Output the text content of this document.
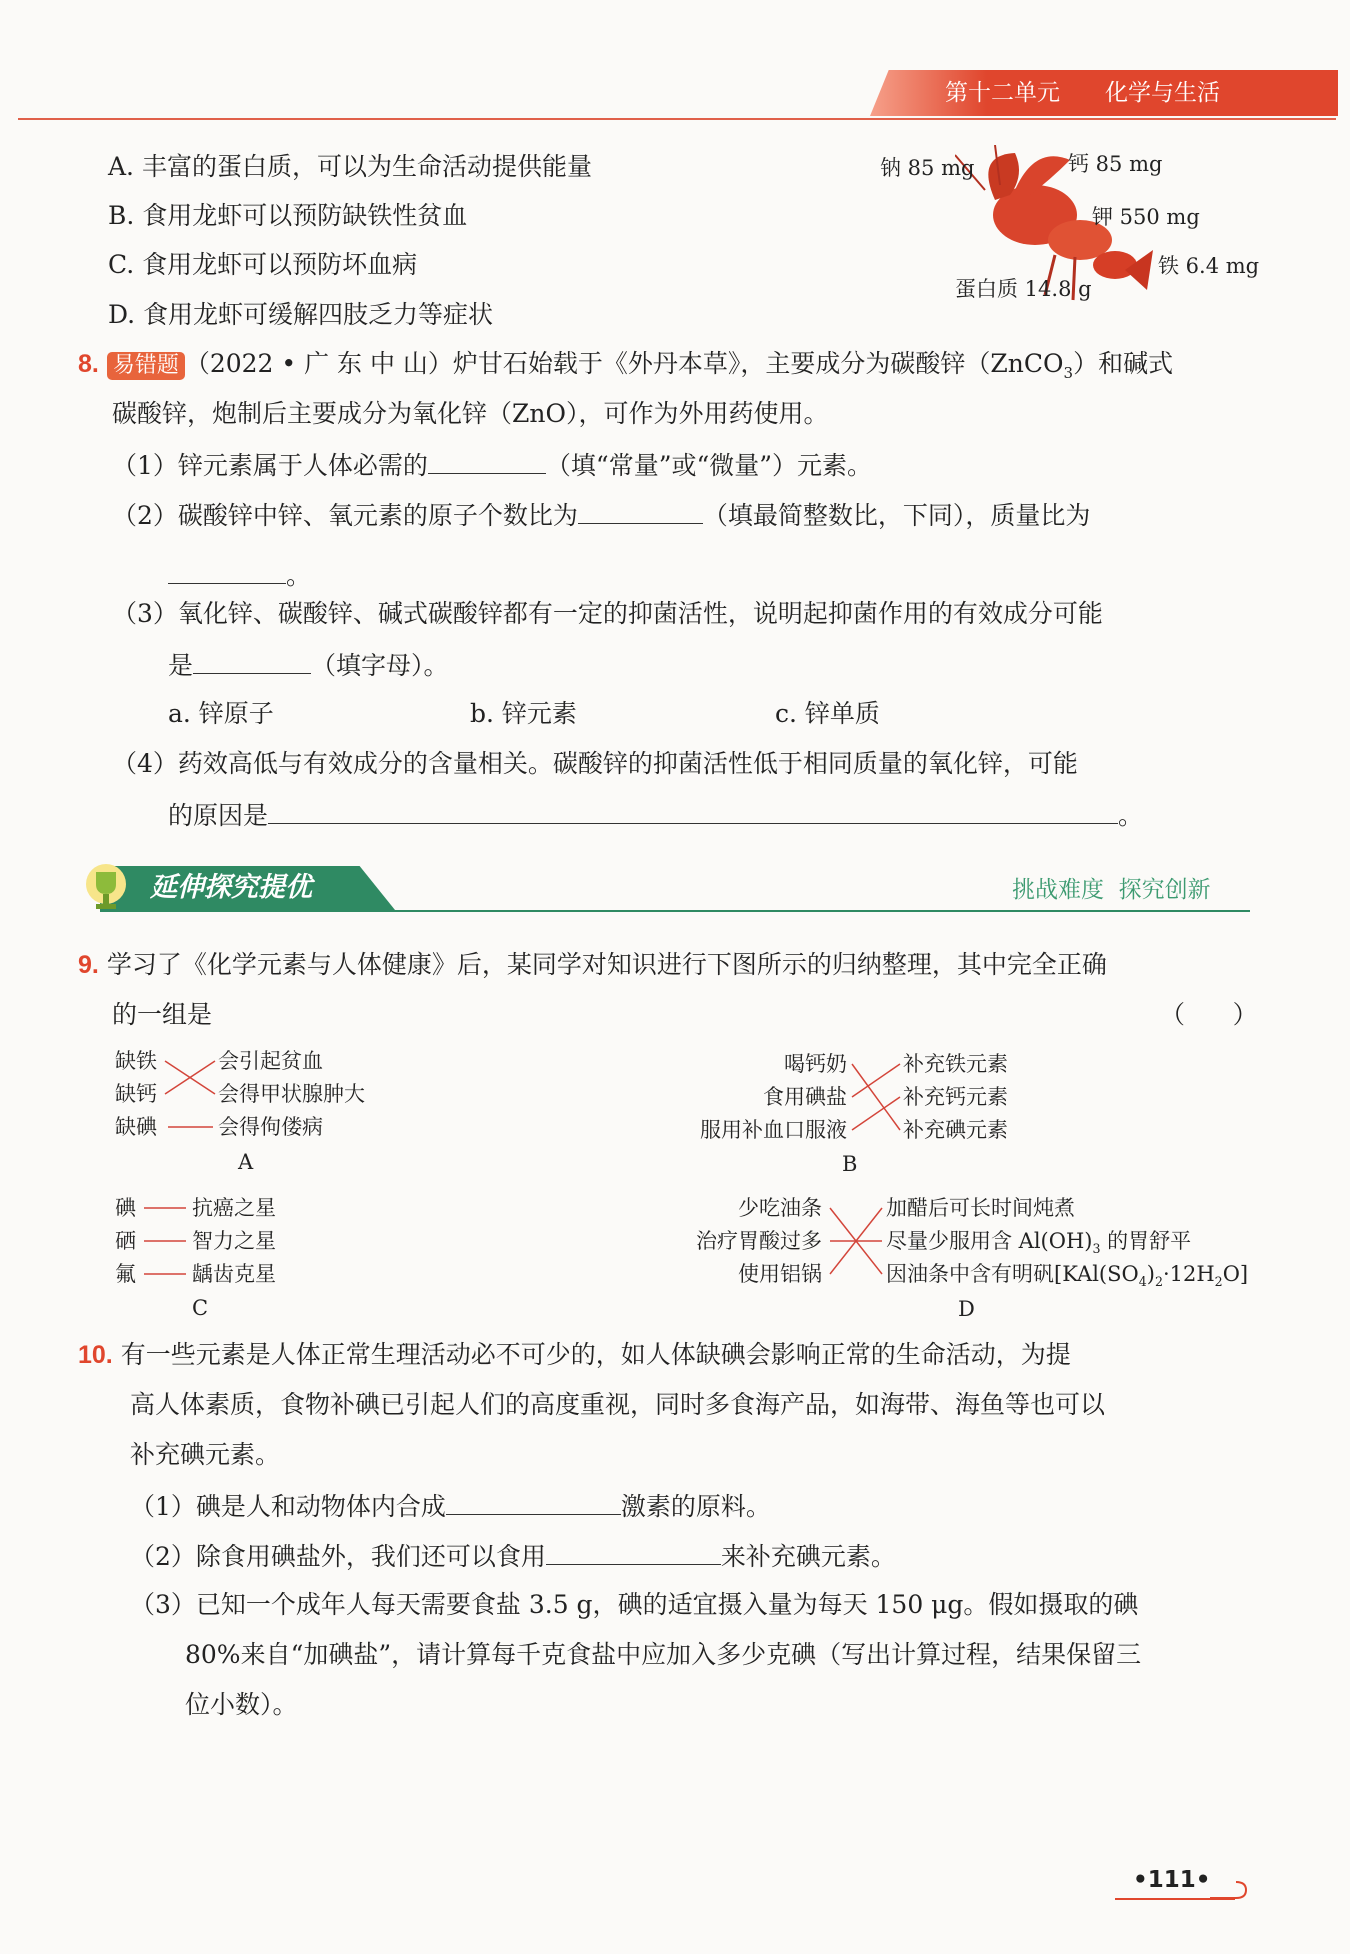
第十二单元 化学与生活
A. 丰富的蛋白质，可以为生命活动提供能量
B. 食用龙虾可以预防缺铁性贫血
C. 食用龙虾可以预防坏血病
D. 食用龙虾可缓解四肢乏力等症状
钠 85 mg	钙 85 mg
钾 550 mg
铁 6.4 mg
蛋白质 14.8 g
8. 易错题 （2022 • 广 东 中 山）炉甘石始载于《外丹本草》，主要成分为碳酸锌（ZnCO$_3$）和碱式
碳酸锌，炮制后主要成分为氧化锌（ZnO），可作为外用药使用。
（1）锌元素属于人体必需的	（填“常量”或“微量”）元素。
（2）碳酸锌中锌、氧元素的原子个数比为	（填最简整数比，下同），质量比为
。
（3）氧化锌、碳酸锌、碱式碳酸锌都有一定的抑菌活性，说明起抑菌作用的有效成分可能
是	（填字母）。
a. 锌原子	b. 锌元素	c. 锌单质
（4）药效高低与有效成分的含量相关。碳酸锌的抑菌活性低于相同质量的氧化锌，可能
的原因是	。
延伸探究提优	挑战难度  探究创新
9. 学习了《化学元素与人体健康》后，某同学对知识进行下图所示的归纳整理，其中完全正确
的一组是	（      ）
缺铁
缺钙
缺碘
会引起贫血
会得甲状腺肿大
会得佝偻病
A
喝钙奶
食用碘盐
服用补血口服液
补充铁元素
补充钙元素
补充碘元素
B
碘
硒
氟
抗癌之星
智力之星
龋齿克星
C
少吃油条
治疗胃酸过多
使用铝锅
加醋后可长时间炖煮
尽量少服用含 $Al(OH)_3$ 的胃舒平
因油条中含有明矾$[KAl(SO_4)_2\cdot 12H_2O]$
D
10. 有一些元素是人体正常生理活动必不可少的，如人体缺碘会影响正常的生命活动，为提
高人体素质，食物补碘已引起人们的高度重视，同时多食海产品，如海带、海鱼等也可以
补充碘元素。
（1）碘是人和动物体内合成	激素的原料。
（2）除食用碘盐外，我们还可以食用	来补充碘元素。
（3）已知一个成年人每天需要食盐 3.5 g，碘的适宜摄入量为每天 150 μg。假如摄取的碘
80%来自“加碘盐”，请计算每千克食盐中应加入多少克碘（写出计算过程，结果保留三
位小数）。
•111•
